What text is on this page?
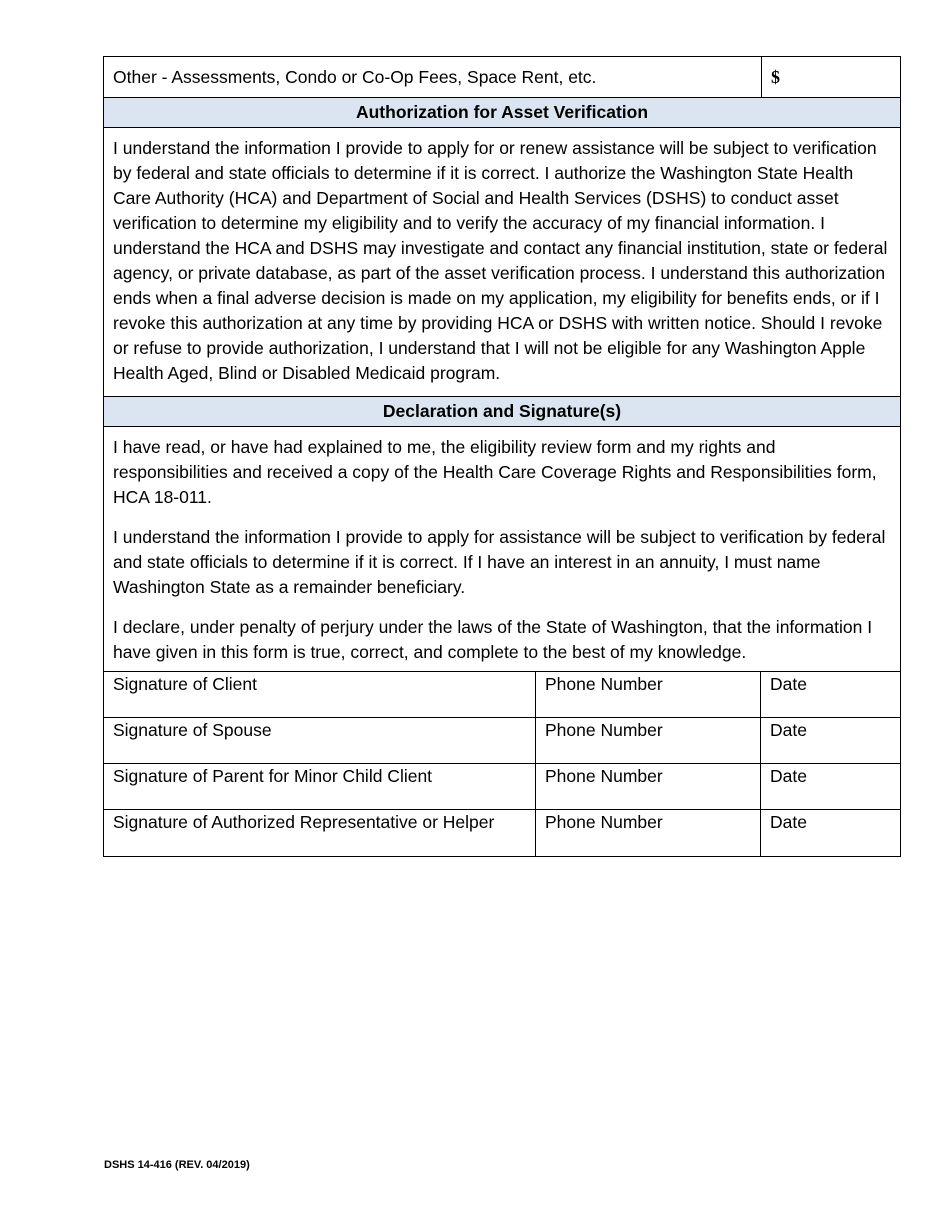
Other - Assessments, Condo or Co-Op Fees, Space Rent, etc.	$
Authorization for Asset Verification

I understand the information I provide to apply for or renew assistance will be subject to verification by federal and state officials to determine if it is correct. I authorize the Washington State Health Care Authority (HCA) and Department of Social and Health Services (DSHS) to conduct asset verification to determine my eligibility and to verify the accuracy of my financial information. I understand the HCA and DSHS may investigate and contact any financial institution, state or federal agency, or private database, as part of the asset verification process. I understand this authorization ends when a final adverse decision is made on my application, my eligibility for benefits ends, or if I revoke this authorization at any time by providing HCA or DSHS with written notice. Should I revoke or refuse to provide authorization, I understand that I will not be eligible for any Washington Apple Health Aged, Blind or Disabled Medicaid program.

Declaration and Signature(s)

I have read, or have had explained to me, the eligibility review form and my rights and responsibilities and received a copy of the Health Care Coverage Rights and Responsibilities form, HCA 18-011.

I understand the information I provide to apply for assistance will be subject to verification by federal and state officials to determine if it is correct. If I have an interest in an annuity, I must name Washington State as a remainder beneficiary.

I declare, under penalty of perjury under the laws of the State of Washington, that the information I have given in this form is true, correct, and complete to the best of my knowledge.

Signature of Client	Phone Number	Date
Signature of Spouse	Phone Number	Date
Signature of Parent for Minor Child Client	Phone Number	Date
Signature of Authorized Representative or Helper	Phone Number	Date
DSHS 14-416 (REV. 04/2019)
